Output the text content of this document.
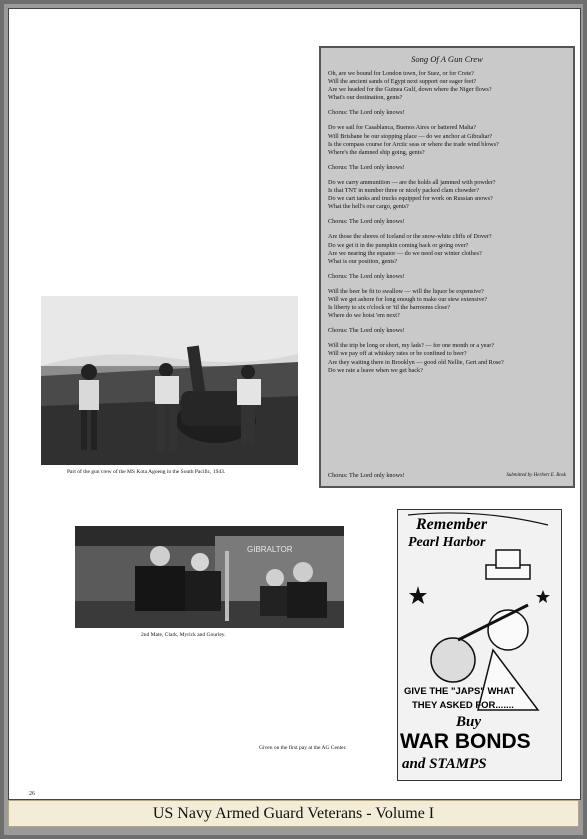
Song Of A Gun Crew

Oh, are we bound for London town, for Suez, or for Crete?

Will the ancient sands of Egypt next support our eager feet?

Are we headed for the Guinea Gulf, down where the Niger flows?

What's our destination, gents?

Chorus: The Lord only knows!

Do we sail for Casablanca, Buenos Aires or battered Malta?

Will Brisbane be our stopping place — do we anchor at Gibraltar?

Is the compass course for Arctic seas or where the trade wind blows?

Where's the damned ship going, gents?

Chorus: The Lord only knows!

Do we carry ammunition — are the holds all jammed with powder?

Is that TNT in number three or nicely packed clam chowder?

Do we cart tanks and trucks equipped for work on Russian snows?

What the hell's our cargo, gents?

Chorus: The Lord only knows!

Are those the shores of Iceland or the snow-white cliffs of Dover?

Do we get it in the pumpkin coming back or going over?

Are we nearing the equator — do we need our winter clothes?

What is our position, gents?

Chorus: The Lord only knows!

Will the beer be fit to swallow — will the liquor be expensive?

Will we get ashore for long enough to make our stew extensive?

Is liberty to six o'clock or 'til the barrooms close?

Where do we hoist 'em next?

Chorus: The Lord only knows!

Will the trip be long or short, my lads? — for one month or a year?

Will we pay off at whiskey rates or be confined to beer?

Are they waiting there in Brooklyn — good old Nellie, Gert and Rose?

Do we rate a leave when we get back?

Chorus: The Lord only knows!	Submitted by Herbert E. Bosk
Part of the gun crew of the MS Kota Agoeng in the South Pacific, 1943.
GIBRALTOR
2nd Mate, Clark, Myrick and Gourley.
Remember
Pearl Harbor
GIVE THE "JAPS" WHAT
THEY ASKED FOR.......
Buy
WAR BONDS
and STAMPS
Given on the first pay at the AG Center.
26
US Navy Armed Guard Veterans - Volume I
